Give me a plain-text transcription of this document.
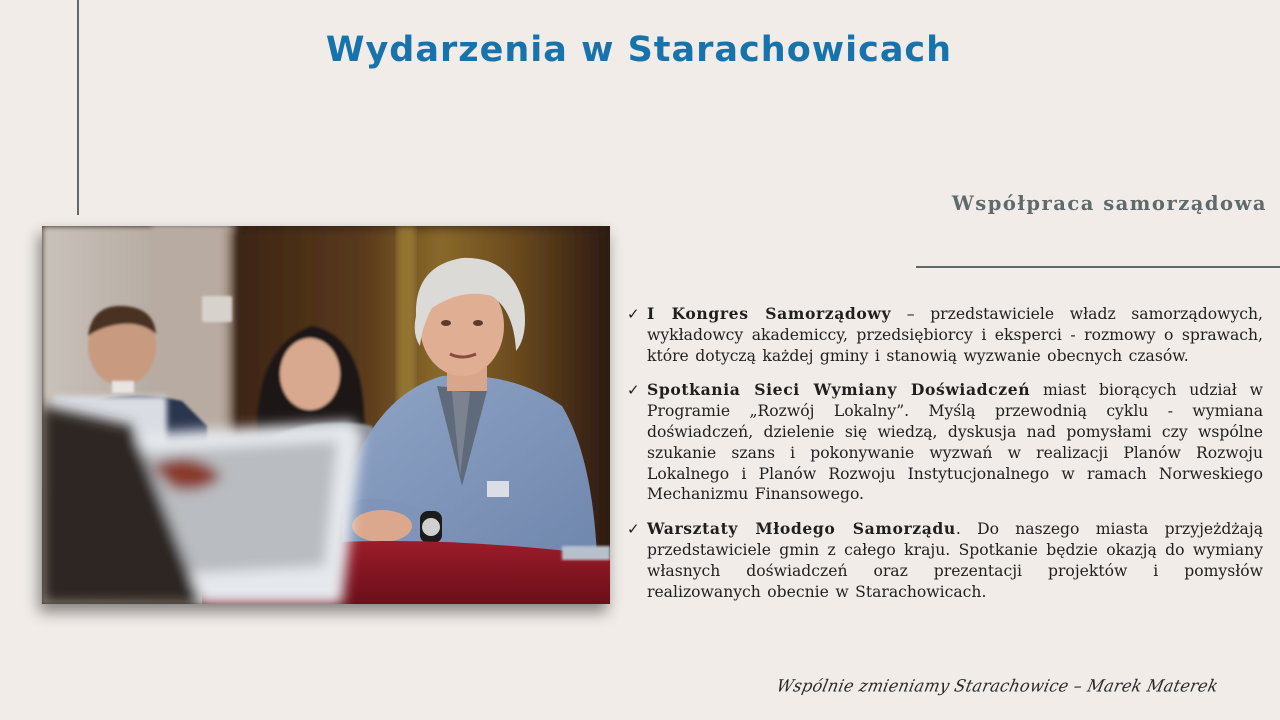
Wydarzenia w Starachowicach
Współpraca samorządowa
✓ I Kongres Samorządowy – przedstawiciele władz samorządowych, wykładowcy akademiccy, przedsiębiorcy i eksperci - rozmowy o sprawach, które dotyczą każdej gminy i stanowią wyzwanie obecnych czasów.
✓ Spotkania Sieci Wymiany Doświadczeń miast biorących udział w Programie „Rozwój Lokalny”. Myślą przewodnią cyklu - wymiana doświadczeń, dzielenie się wiedzą, dyskusja nad pomysłami czy wspólne szukanie szans i pokonywanie wyzwań w realizacji Planów Rozwoju Lokalnego i Planów Rozwoju Instytucjonalnego w ramach Norweskiego Mechanizmu Finansowego.
✓ Warsztaty Młodego Samorządu. Do naszego miasta przyjeżdżają przedstawiciele gmin z całego kraju. Spotkanie będzie okazją do wymiany własnych doświadczeń oraz prezentacji projektów i pomysłów realizowanych obecnie w Starachowicach.
Wspólnie zmieniamy Starachowice – Marek Materek
